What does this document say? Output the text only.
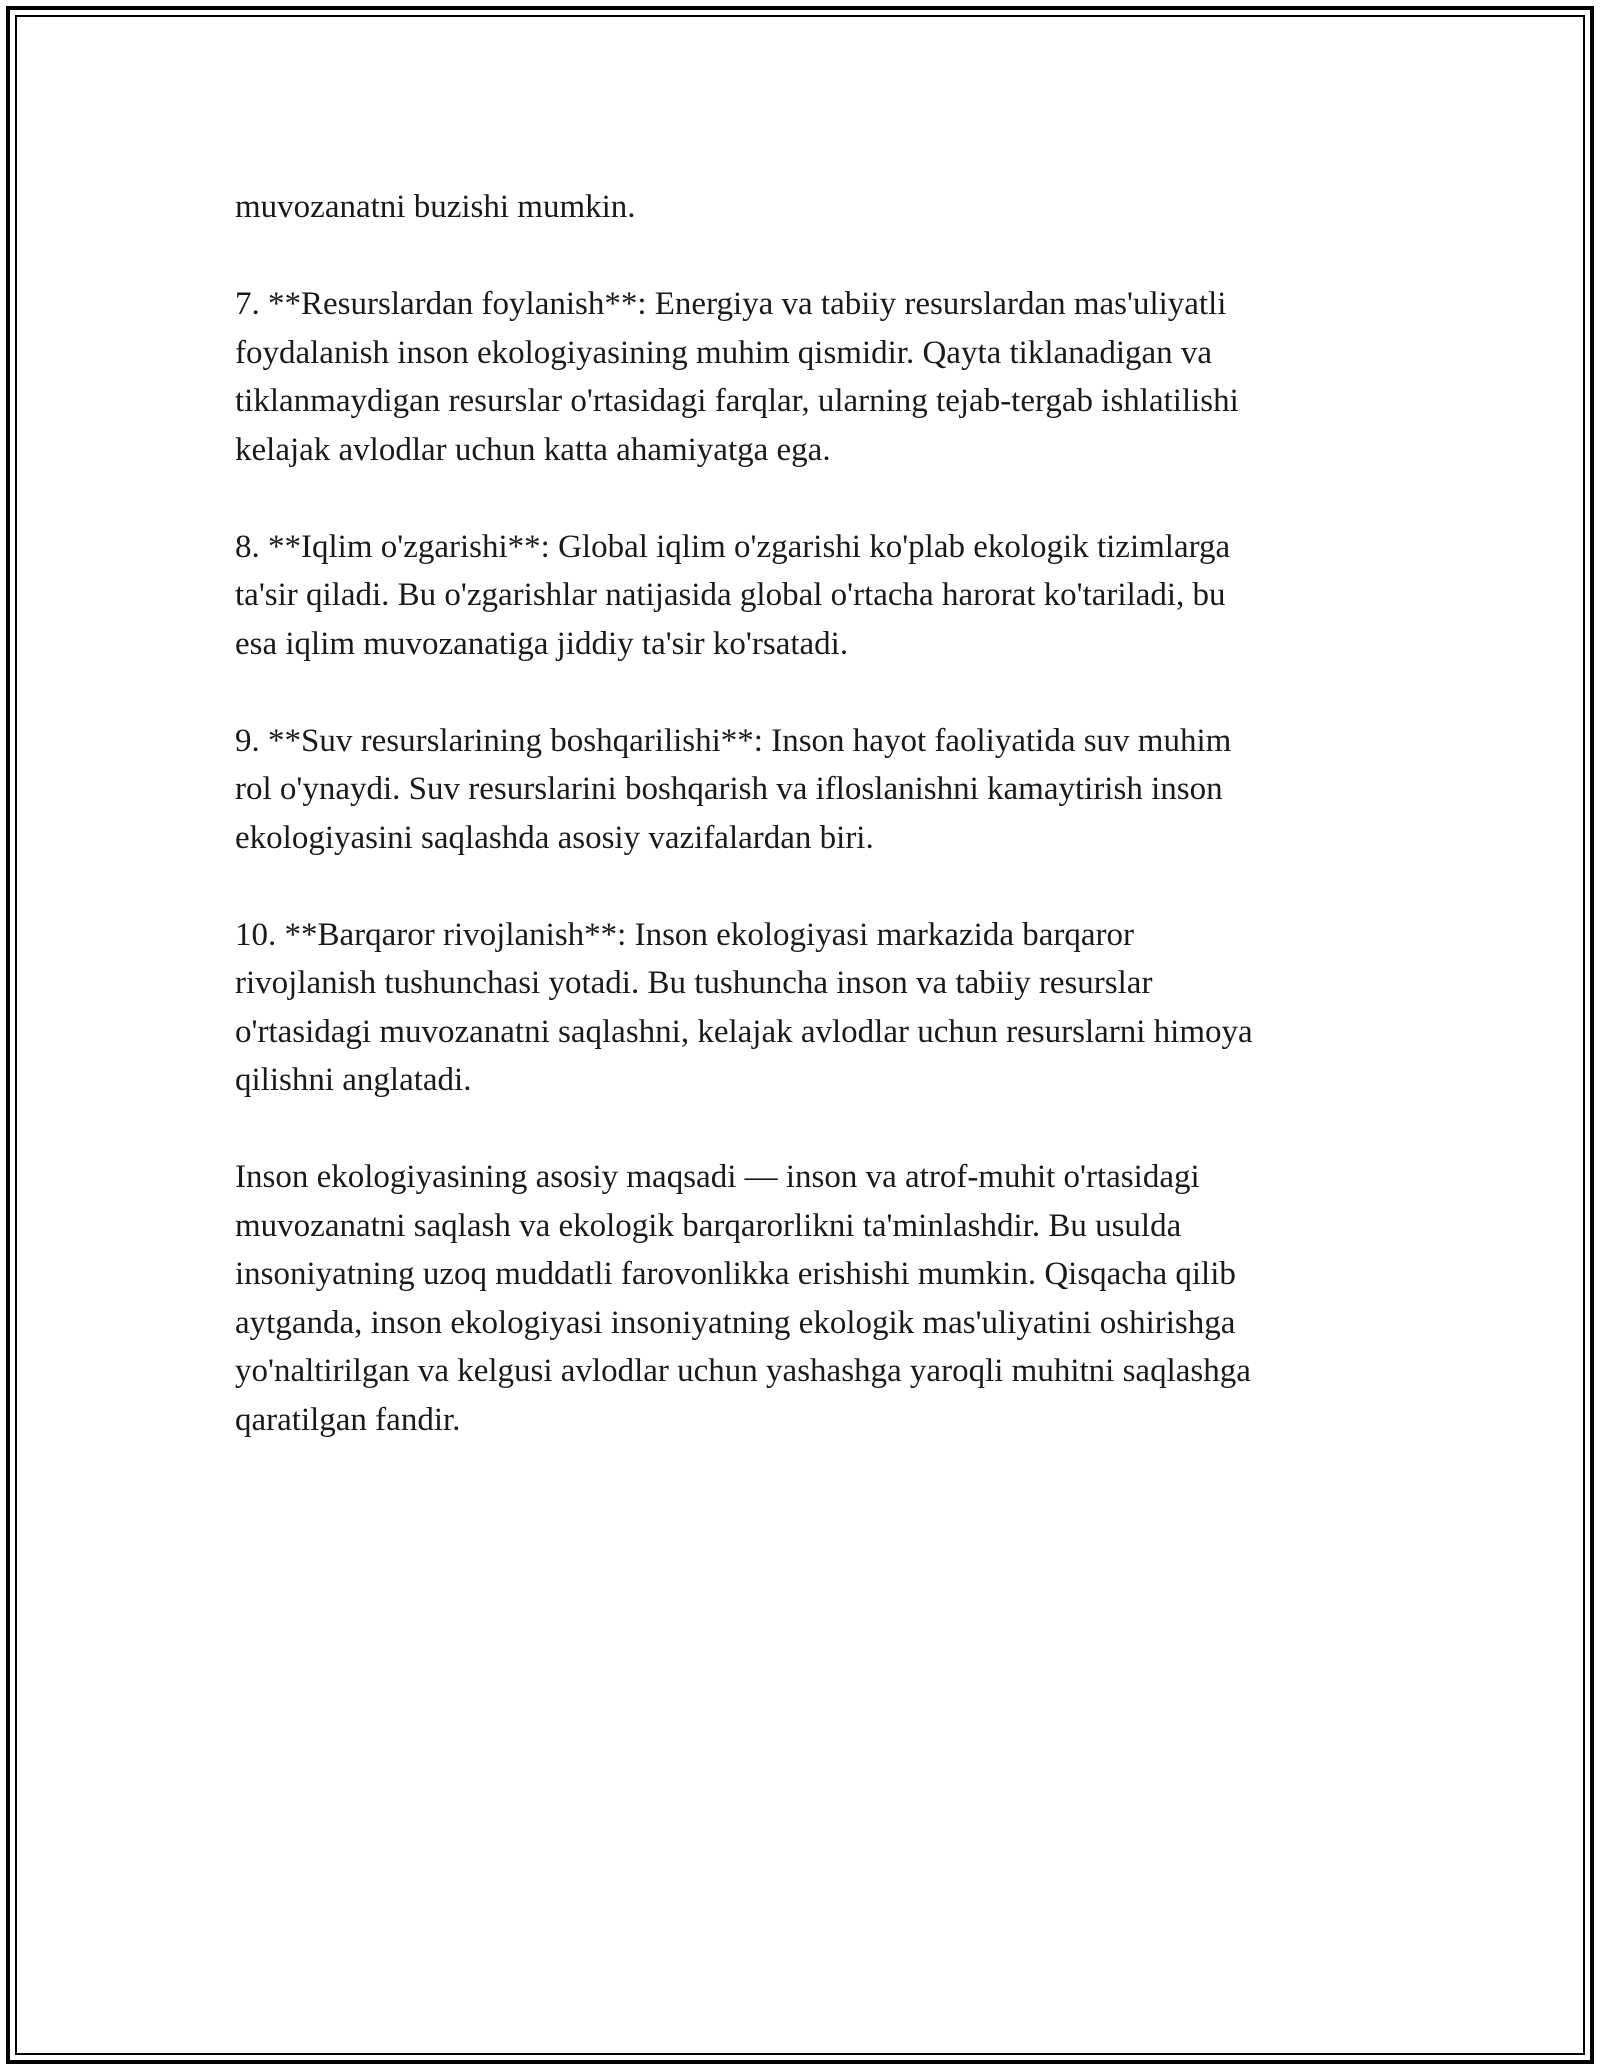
muvozanatni buzishi mumkin.

7. **Resurslardan foylanish**: Energiya va tabiiy resurslardan mas'uliyatli
foydalanish inson ekologiyasining muhim qismidir. Qayta tiklanadigan va
tiklanmaydigan resurslar o'rtasidagi farqlar, ularning tejab-tergab ishlatilishi
kelajak avlodlar uchun katta ahamiyatga ega.

8. **Iqlim o'zgarishi**: Global iqlim o'zgarishi ko'plab ekologik tizimlarga
ta'sir qiladi. Bu o'zgarishlar natijasida global o'rtacha harorat ko'tariladi, bu
esa iqlim muvozanatiga jiddiy ta'sir ko'rsatadi.

9. **Suv resurslarining boshqarilishi**: Inson hayot faoliyatida suv muhim
rol o'ynaydi. Suv resurslarini boshqarish va ifloslanishni kamaytirish inson
ekologiyasini saqlashda asosiy vazifalardan biri.

10. **Barqaror rivojlanish**: Inson ekologiyasi markazida barqaror
rivojlanish tushunchasi yotadi. Bu tushuncha inson va tabiiy resurslar
o'rtasidagi muvozanatni saqlashni, kelajak avlodlar uchun resurslarni himoya
qilishni anglatadi.

Inson ekologiyasining asosiy maqsadi — inson va atrof-muhit o'rtasidagi
muvozanatni saqlash va ekologik barqarorlikni ta'minlashdir. Bu usulda
insoniyatning uzoq muddatli farovonlikka erishishi mumkin. Qisqacha qilib
aytganda, inson ekologiyasi insoniyatning ekologik mas'uliyatini oshirishga
yo'naltirilgan va kelgusi avlodlar uchun yashashga yaroqli muhitni saqlashga
qaratilgan fandir.
